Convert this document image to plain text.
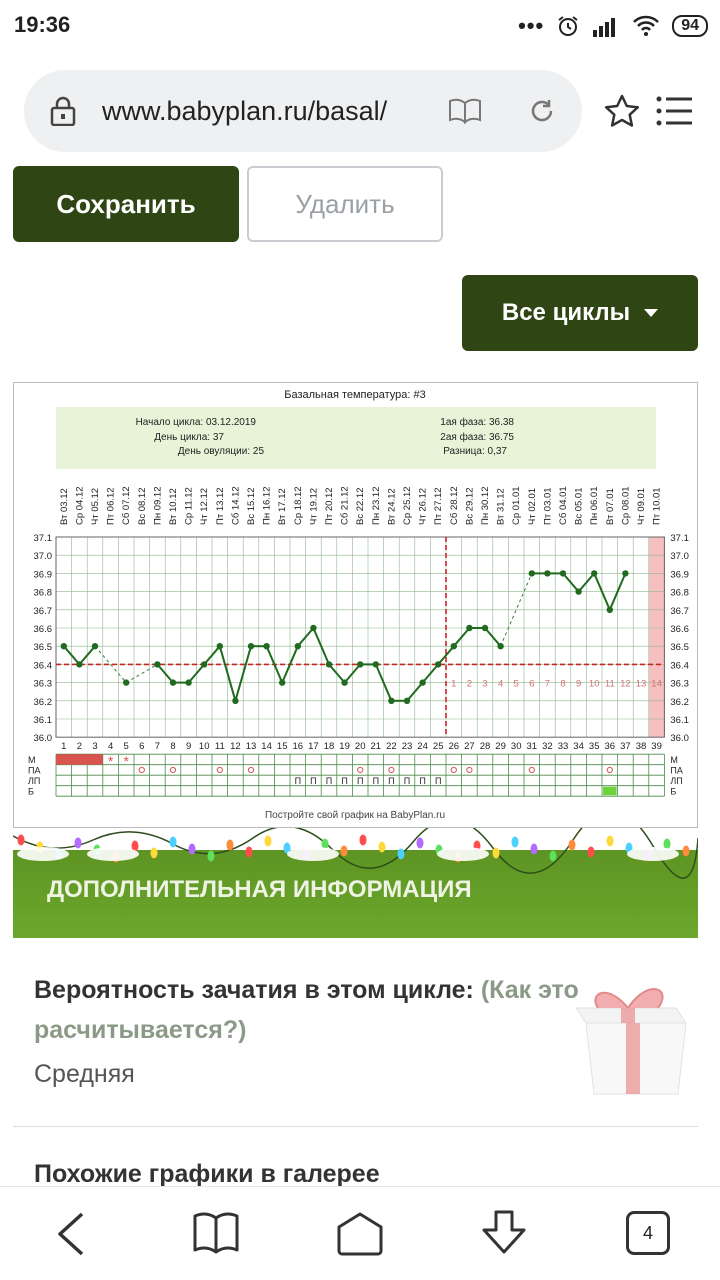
19:36	•••	94
www.babyplan.ru/basal/
Сохранить	Удалить
Все циклы
Базальная температура: #3
Начало цикла: 03.12.2019
День цикла: 37
День овуляции: 25
1ая фаза: 36.38
2ая фаза: 36.75
Разница: 0,37
Вт 03.12 Ср 04.12 Чт 05.12 Пт 06.12 Сб 07.12 Вс 08.12 Пн 09.12 Вт 10.12 Ср 11.12 Чт 12.12 Пт 13.12 Сб 14.12 Вс 15.12 Пн 16.12 Вт 17.12 Ср 18.12 Чт 19.12 Пт 20.12 Сб 21.12 Вс 22.12 Пн 23.12 Вт 24.12 Ср 25.12 Чт 26.12 Пт 27.12 Сб 28.12 Вс 29.12 Пн 30.12 Вт 31.12 Ср 01.01 Чт 02.01 Пт 03.01 Сб 04.01 Вс 05.01 Пн 06.01 Вт 07.01 Ср 08.01 Чт 09.01 Пт 10.01
37.1	37.1
37.0	37.0
36.9	36.9
36.8	36.8
36.7	36.7
36.6	36.6
36.5	36.5
36.4	36.4
36.3	36.3
36.2	36.2
36.1	36.1
36.0	36.0
1 2 3 4 5 6 7 8 9 10 11 12 13 14
1 2 3 4 5 6 7 8 9 10 11 12 13 14 15 16 17 18 19 20 21 22 23 24 25 26 27 28 29 30 31 32 33 34 35 36 37 38 39
М	М
ПА	ПА
ЛП	ЛП
Б	Б
* *
П П П П П П П П П П
Постройте свой график на BabyPlan.ru
ДОПОЛНИТЕЛЬНАЯ ИНФОРМАЦИЯ
Вероятность зачатия в этом цикле: (Как это расчитывается?)
Средняя
Похожие графики в галерее
4
